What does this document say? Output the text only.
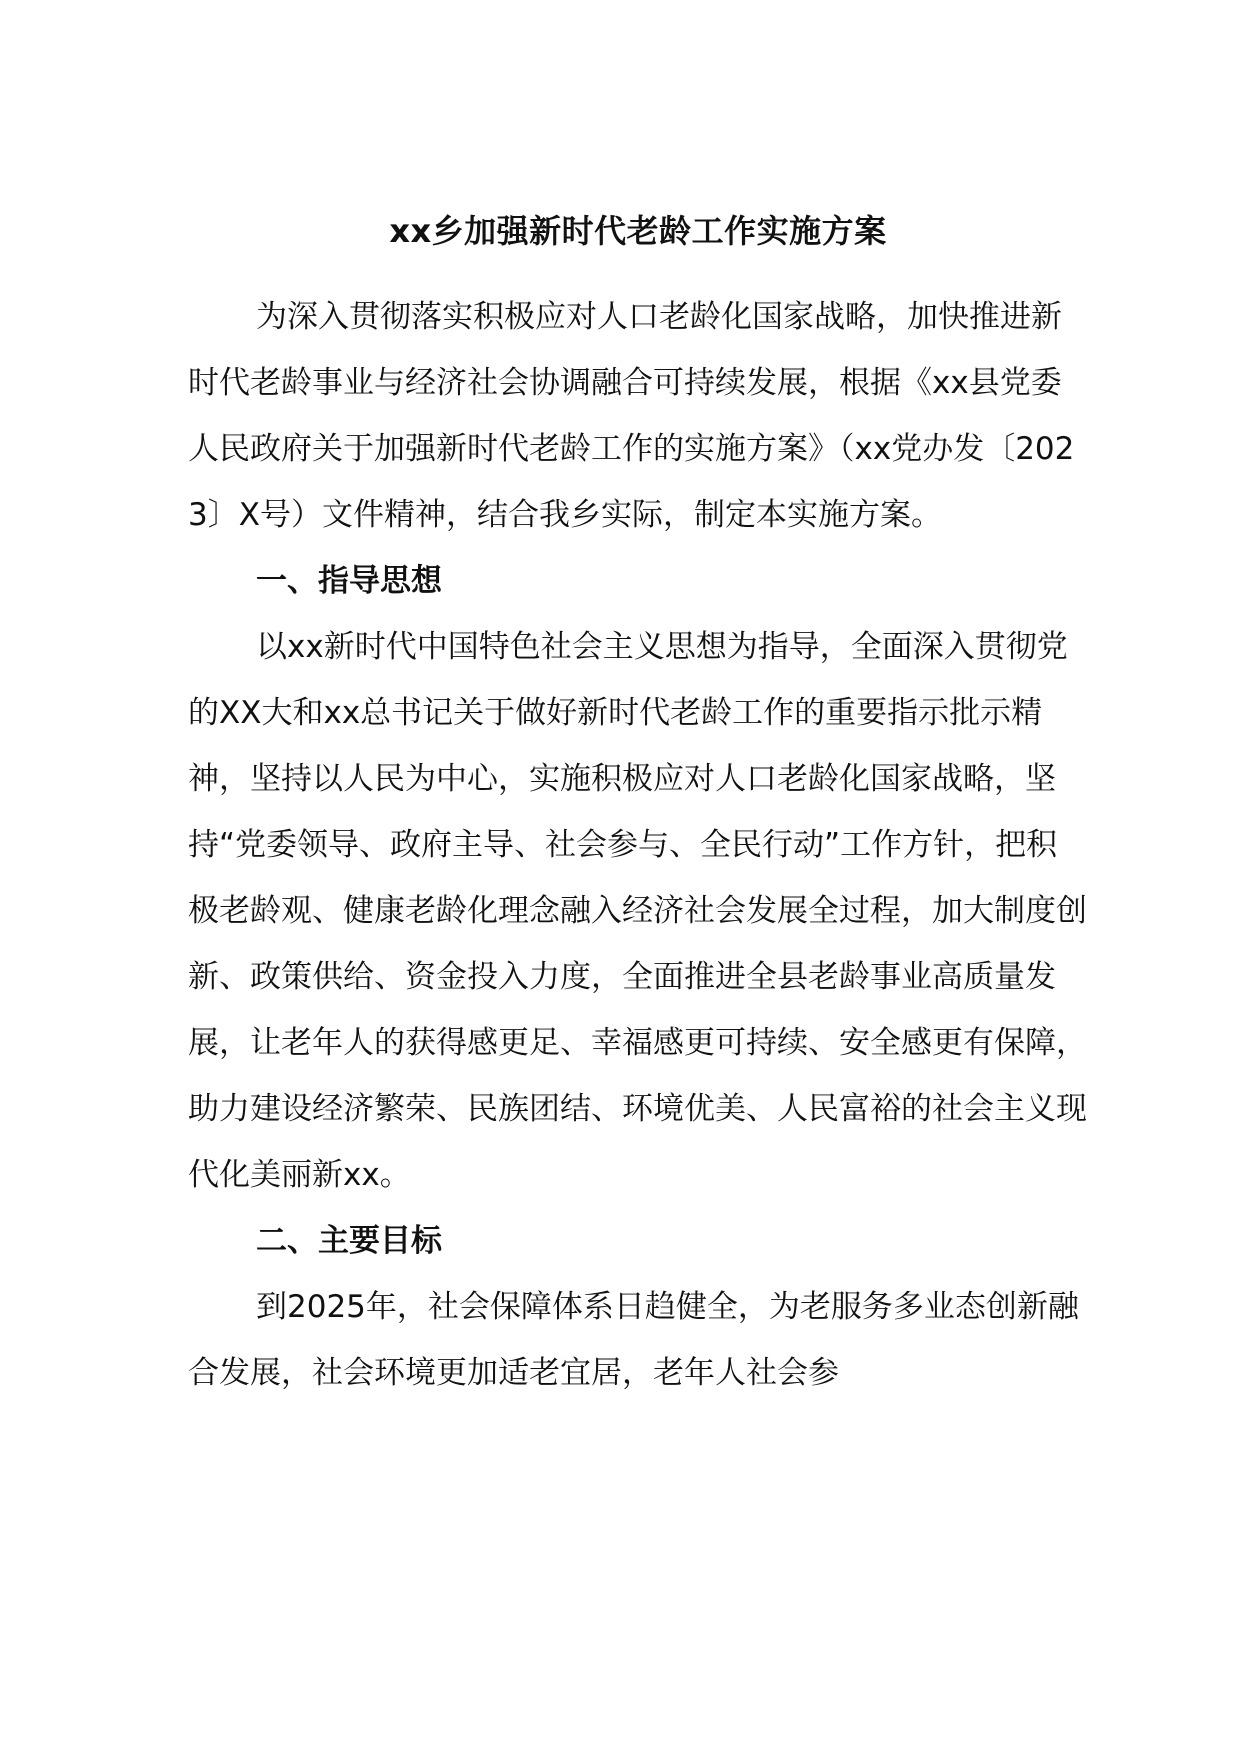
xx乡加强新时代老龄工作实施方案

为深入贯彻落实积极应对人口老龄化国家战略，加快推进新时代老龄事业与经济社会协调融合可持续发展，根据《xx县党委人民政府关于加强新时代老龄工作的实施方案》（xx党办发〔2023〕X号）文件精神，结合我乡实际，制定本实施方案。

一、指导思想

以xx新时代中国特色社会主义思想为指导，全面深入贯彻党的XX大和xx总书记关于做好新时代老龄工作的重要指示批示精神，坚持以人民为中心，实施积极应对人口老龄化国家战略，坚持“党委领导、政府主导、社会参与、全民行动”工作方针，把积极老龄观、健康老龄化理念融入经济社会发展全过程，加大制度创新、政策供给、资金投入力度，全面推进全县老龄事业高质量发展，让老年人的获得感更足、幸福感更可持续、安全感更有保障，助力建设经济繁荣、民族团结、环境优美、人民富裕的社会主义现代化美丽新xx。

二、主要目标

到2025年，社会保障体系日趋健全，为老服务多业态创新融合发展，社会环境更加适老宜居，老年人社会参
